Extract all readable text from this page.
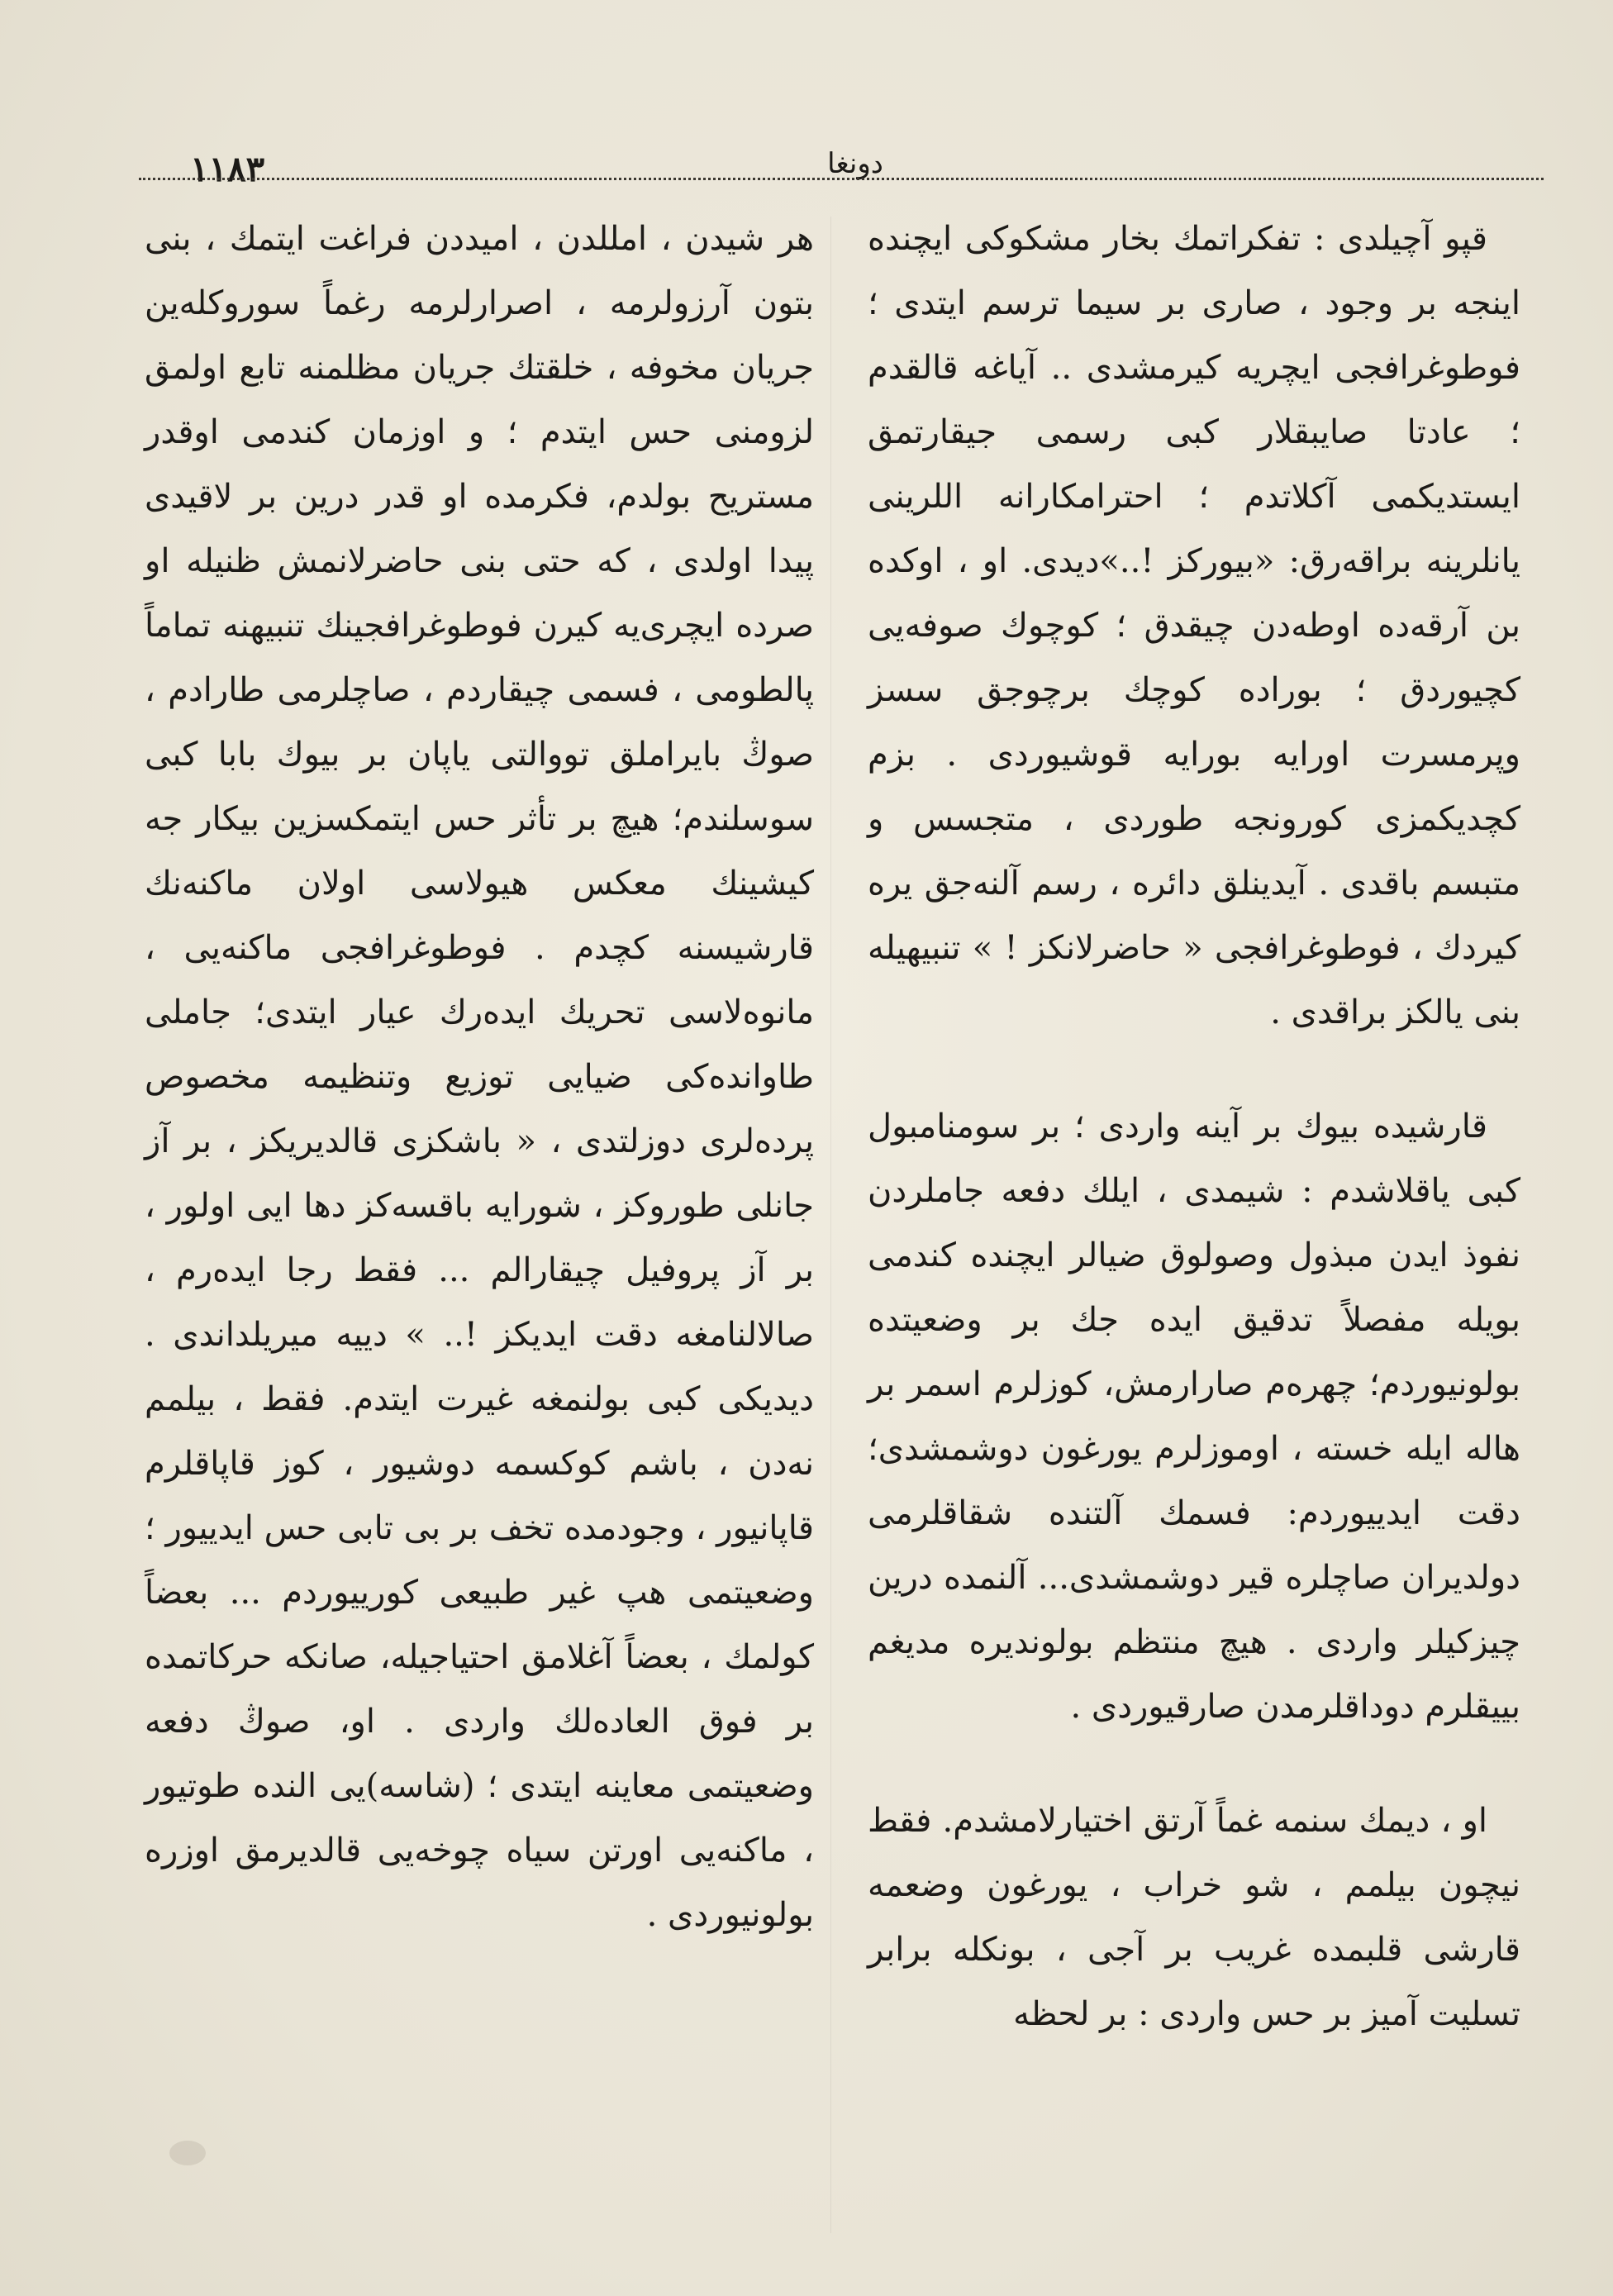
١١٨٣	دونغا

قپو آچیلدی : تفکراتمك بخار مشکوکی ایچنده اینجه بر وجود ، صاری بر سیما ترسم ایتدی ؛ فوطوغرافجی ایچریه کیرمشدی .. آیاغه قالقدم ؛ عادتا صایبقلار کبی رسمی جیقارتمق ایستدیکمی آکلاتدم ؛ احترامکارانه اللرینی یانلرینه براقەرق: «بیورکز !..»دیدی. او ، اوکده بن آرقەده اوطەدن چیقدق ؛ کوچوك صوفەیی کچیوردق ؛ بوراده کوچك برچوجق سسز وپرمسرت اورایه بورایه قوشیوردی . بزم کچدیکمزی کورونجه طوردی ، متجسس و متبسم باقدی . آیدینلق دائره ، رسم آلنەجق یره کیردك ، فوطوغرافجی « حاضرلانکز ! » تنبیهیله بنی یالکز براقدی .

قارشیده بیوك بر آینه واردی ؛ بر سومنامبول کبی یاقلاشدم : شیمدی ، ایلك دفعه جاملردن نفوذ ایدن مبذول وصولوق ضیالر ایچنده کندمی بویله مفصلاً تدقیق ایده جك بر وضعیتده بولونیوردم؛ چهره‌م صارارمش، کوزلرم اسمر بر هاله ایله خسته ، اوموزلرم یورغون دوشمشدی؛ دقت ایدییوردم: فسمك آلتنده شقاقلرمی دولدیران صاچلره قیر دوشمشدی... آلنمده درین چیزکیلر واردی . هیچ منتظم بولوندیره مدیغم بییقلرم دوداقلرمدن صارقیوردی .

او ، دیمك سنمه غماً آرتق اختیارلامشدم. فقط نیچون بیلمم ، شو خراب ، یورغون وضعمه قارشی قلبمده غریب بر آجی ، بونکله برابر تسلیت آمیز بر حس واردی : بر لحظه

هر شیدن ، امللدن ، امیددن فراغت ایتمك ، بنی بتون آرزولرمه ، اصرارلرمه رغماً سوروکله‌ین جریان مخوفه ، خلقتك جریان مظلمنه تابع اولمق لزومنی حس ایتدم ؛ و اوزمان کندمی اوقدر مستریح بولدم، فکرمده او قدر درین بر لاقیدی پیدا اولدی ، که حتی بنی حاضرلانمش ظنیله او صرده ایچری‌یه کیرن فوطوغرافجینك تنبیهنه تماماً پالطومی ، فسمی چیقاردم ، صاچلرمی طارادم ، صوڭ بایراملق تووالتی یاپان بر بیوك بابا کبی سوسلندم؛ هیچ بر تأثر حس ایتمکسزین بیکار جه کیشینك معکس هیولاسی اولان ماکنەنك قارشیسنه کچدم . فوطوغرافجی ماکنەیی ، مانوه‌لاسی تحریك ایده‌رك عیار ایتدی؛ جاملی طاواندەکی ضیایی توزیع وتنظیمه مخصوص پرده‌لری دوزلتدی ، « باشکزی قالدیریکز ، بر آز جانلی طوروکز ، شورایه باقسەکز دها ایی اولور ، بر آز پروفیل چیقارالم ... فقط رجا ایده‌رم ، صالالنامغه دقت ایدیکز !.. » دییه میریلداندی . دیدیکی کبی بولنمغه غیرت ایتدم. فقط ، بیلمم نەدن ، باشم کوکسمه دوشیور ، کوز قاپاقلرم قاپانیور ، وجودمده تخف بر بی تابی حس ایدییور ؛ وضعیتمی هپ غیر طبیعی کورییوردم ... بعضاً کولمك ، بعضاً آغلامق احتیاجیله، صانکه حرکاتمده بر فوق العاده‌لك واردی . او، صوڭ دفعه وضعیتمی معاینه ایتدی ؛ (شاسه)یی النده طوتیور ، ماکنەیی اورتن سیاه چوخەیی قالدیرمق اوزره بولونیوردی .
